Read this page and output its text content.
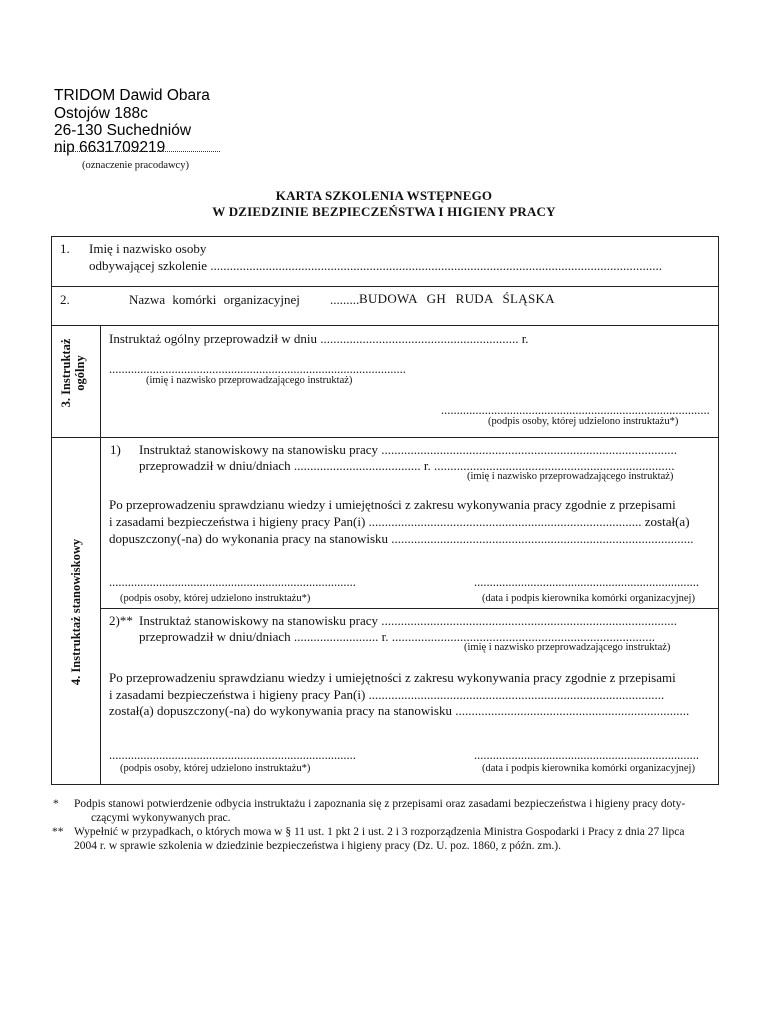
TRIDOM Dawid Obara
Ostojów 188c
26-130 Suchedniów
nip 6631709219
(oznaczenie pracodawcy)
KARTA SZKOLENIA WSTĘPNEGO
W DZIEDZINIE BEZPIECZEŃSTWA I HIGIENY PRACY
1. Imię i nazwisko osoby
odbywającej szkolenie ...........................................................................................................................................
2.	Nazwa komórki organizacyjnej ......... BUDOWA GH RUDA ŚLĄSKA
3. Instruktaż ogólny
Instruktaż ogólny przeprowadził w dniu ............................................................. r.
...............................................................................................
(imię i nazwisko przeprowadzającego instruktaż)
......................................................................................
(podpis osoby, której udzielono instruktażu*)
4. Instruktaż stanowiskowy
1) Instruktaż stanowiskowy na stanowisku pracy ...........................................................................................
przeprowadził w dniu/dniach ....................................... r. ..........................................................................
(imię i nazwisko przeprowadzającego instruktaż)
Po przeprowadzeniu sprawdzianu wiedzy i umiejętności z zakresu wykonywania pracy zgodnie z przepisami
i zasadami bezpieczeństwa i higieny pracy Pan(i) .................................................................................... został(a)
dopuszczony(-na) do wykonania pracy na stanowisku .............................................................................................
...............................................................................	........................................................................
(podpis osoby, której udzielono instruktażu*)	(data i podpis kierownika komórki organizacyjnej)
2)** Instruktaż stanowiskowy na stanowisku pracy ...........................................................................................
przeprowadził w dniu/dniach .......................... r. .................................................................................
(imię i nazwisko przeprowadzającego instruktaż)
Po przeprowadzeniu sprawdzianu wiedzy i umiejętności z zakresu wykonywania pracy zgodnie z przepisami
i zasadami bezpieczeństwa i higieny pracy Pan(i) ...........................................................................................
został(a) dopuszczony(-na) do wykonywania pracy na stanowisku ........................................................................
...............................................................................	........................................................................
(podpis osoby, której udzielono instruktażu*)	(data i podpis kierownika komórki organizacyjnej)
* Podpis stanowi potwierdzenie odbycia instruktażu i zapoznania się z przepisami oraz zasadami bezpieczeństwa i higieny pracy doty-
czącymi wykonywanych prac.
** Wypełnić w przypadkach, o których mowa w § 11 ust. 1 pkt 2 i ust. 2 i 3 rozporządzenia Ministra Gospodarki i Pracy z dnia 27 lipca
2004 r. w sprawie szkolenia w dziedzinie bezpieczeństwa i higieny pracy (Dz. U. poz. 1860, z późn. zm.).
